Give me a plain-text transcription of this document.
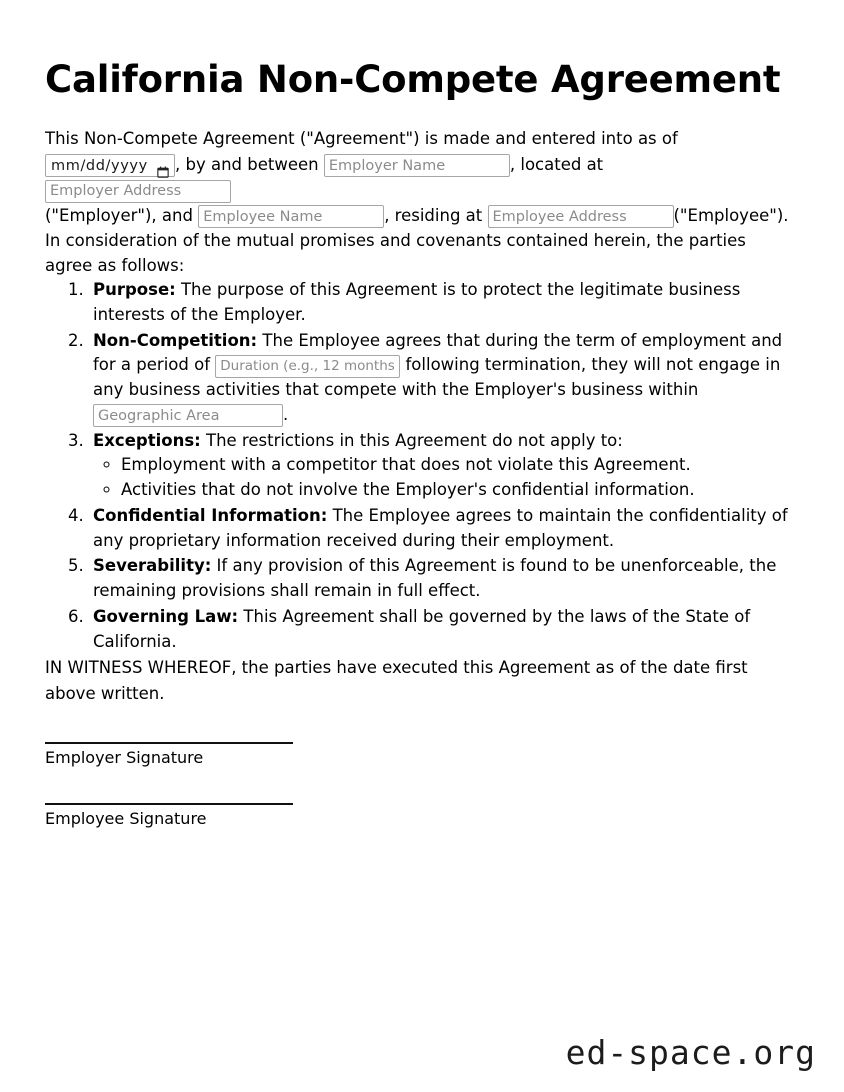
California Non-Compete Agreement

This Non-Compete Agreement ("Agreement") is made and entered into as of

mm/dd/yyyy , by and between Employer Name	, located at Employer Address
("Employer"), and Employee Name	, residing at Employee Address	("Employee").

In consideration of the mutual promises and covenants contained herein, the parties agree as follows:

1. Purpose: The purpose of this Agreement is to protect the legitimate business interests of the Employer.
2. Non-Competition: The Employee agrees that during the term of employment and for a period of Duration (e.g., 12 months)	following termination, they will not engage in any business activities that compete with the Employer's business within Geographic Area.
3. Exceptions: The restrictions in this Agreement do not apply to:
◦ Employment with a competitor that does not violate this Agreement.
◦ Activities that do not involve the Employer's confidential information.
4. Confidential Information: The Employee agrees to maintain the confidentiality of any proprietary information received during their employment.
5. Severability: If any provision of this Agreement is found to be unenforceable, the remaining provisions shall remain in full effect.
6. Governing Law: This Agreement shall be governed by the laws of the State of California.

IN WITNESS WHEREOF, the parties have executed this Agreement as of the date first above written.

Employer Signature

Employee Signature

ed-space.org
